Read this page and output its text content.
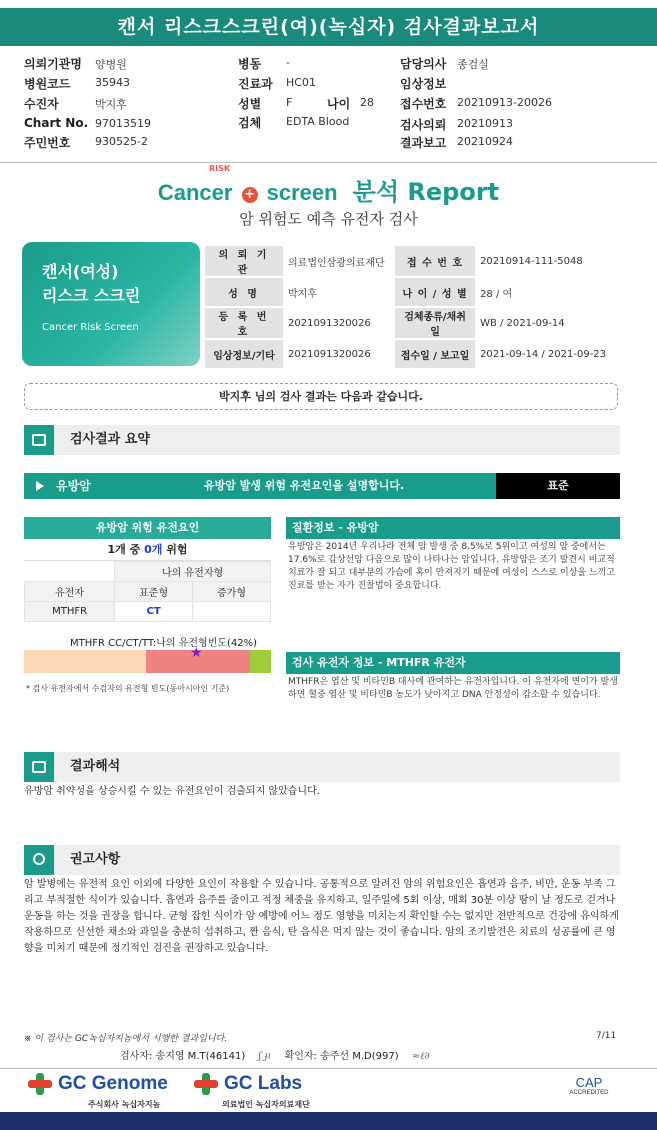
캔서 리스크스크린(여)(녹십자) 검사결과보고서
의뢰기관명 양병원
병원코드 35943
수진자	박지후
Chart No. 97013519
주민번호 930525-2
병동 -
진료과 HC01
성별 F	나이 28
검체 EDTA Blood
담당의사 종검실
임상정보
접수번호 20210913-20026
검사의뢰 20210913
결과보고 20210924
RISK
Cancer + screen 분석 Report
암 위험도 예측 유전자 검사
캔서(여성)
리스크 스크린
Cancer Risk Screen
의 뢰 기 관	의료법인삼광의료재단	접 수 번 호	20210914-111-5048
성 명	박지후	나 이 / 성 별	28 / 여
등 록 번 호	2021091320026	검체종류/채취일	WB / 2021-09-14
임상정보/기타	2021091320026	접수일 / 보고일	2021-09-14 / 2021-09-23
박지후 님의 검사 결과는 다음과 같습니다.
검사결과 요약
유방암	유방암 발생 위험 유전요인을 설명합니다.	표준
유방암 위험 유전요인
1개 중 0개 위험
	나의 유전자형	
유전자	표준형	증가형
MTHFR	CT	
MTHFR CC/CT/TT:나의 유전형빈도(42%)
★
* 검사 유전자에서 수검자의 유전형 빈도(동아시아인 기준)
질환정보 - 유방암
유방암은 2014년 우리나라 전체 암 발생 중 8.5%로 5위이고 여성의 암 중에서는 17.6%로 갑상선암 다음으로 많이 나타나는 암입니다. 유방암은 조기 발견시 비교적 치료가 잘 되고 대부분의 가슴에 혹이 만져지기 때문에 여성이 스스로 이상을 느끼고 진료를 받는 자가 진찰법이 중요합니다.
검사 유전자 정보 - MTHFR 유전자
MTHFR은 엽산 및 비타민B 대사에 관여하는 유전자입니다. 이 유전자에 변이가 발생하면 혈중 엽산 및 비타민B 농도가 낮아지고 DNA 안정성이 감소할 수 있습니다.
결과해석
유방암 취약성을 상승시킬 수 있는 유전요인이 검출되지 않았습니다.
권고사항
암 발병에는 유전적 요인 이외에 다양한 요인이 작용할 수 있습니다. 공통적으로 알려진 암의 위험요인은 흡연과 음주, 비만, 운동 부족 그리고 부적절한 식이가 있습니다. 흡연과 음주를 줄이고 적정 체중을 유지하고, 일주일에 5회 이상, 매회 30분 이상 땀이 날 정도로 걷거나 운동을 하는 것을 권장을 합니다. 균형 잡힌 식이가 암 예방에 어느 정도 영향을 미치는지 확인할 수는 없지만 전반적으로 건강에 유익하게 작용하므로 신선한 채소와 과일을 충분히 섭취하고, 짠 음식, 탄 음식은 먹지 않는 것이 좋습니다. 암의 조기발견은 치료의 성공률에 큰 영향을 미치기 때문에 정기적인 검진을 권장하고 있습니다.
※ 이 검사는 GC녹십자지놈에서 시행한 결과입니다.	7/11
검사자: 송지영 M.T(46141) ʃ ɟɩ 확인자: 송주선 M.D(997) ≈ℓ∂
GC Genome
주식회사 녹십자지놈
GC Labs
의료법인 녹십자의료재단
CAP
ACCREDITED
